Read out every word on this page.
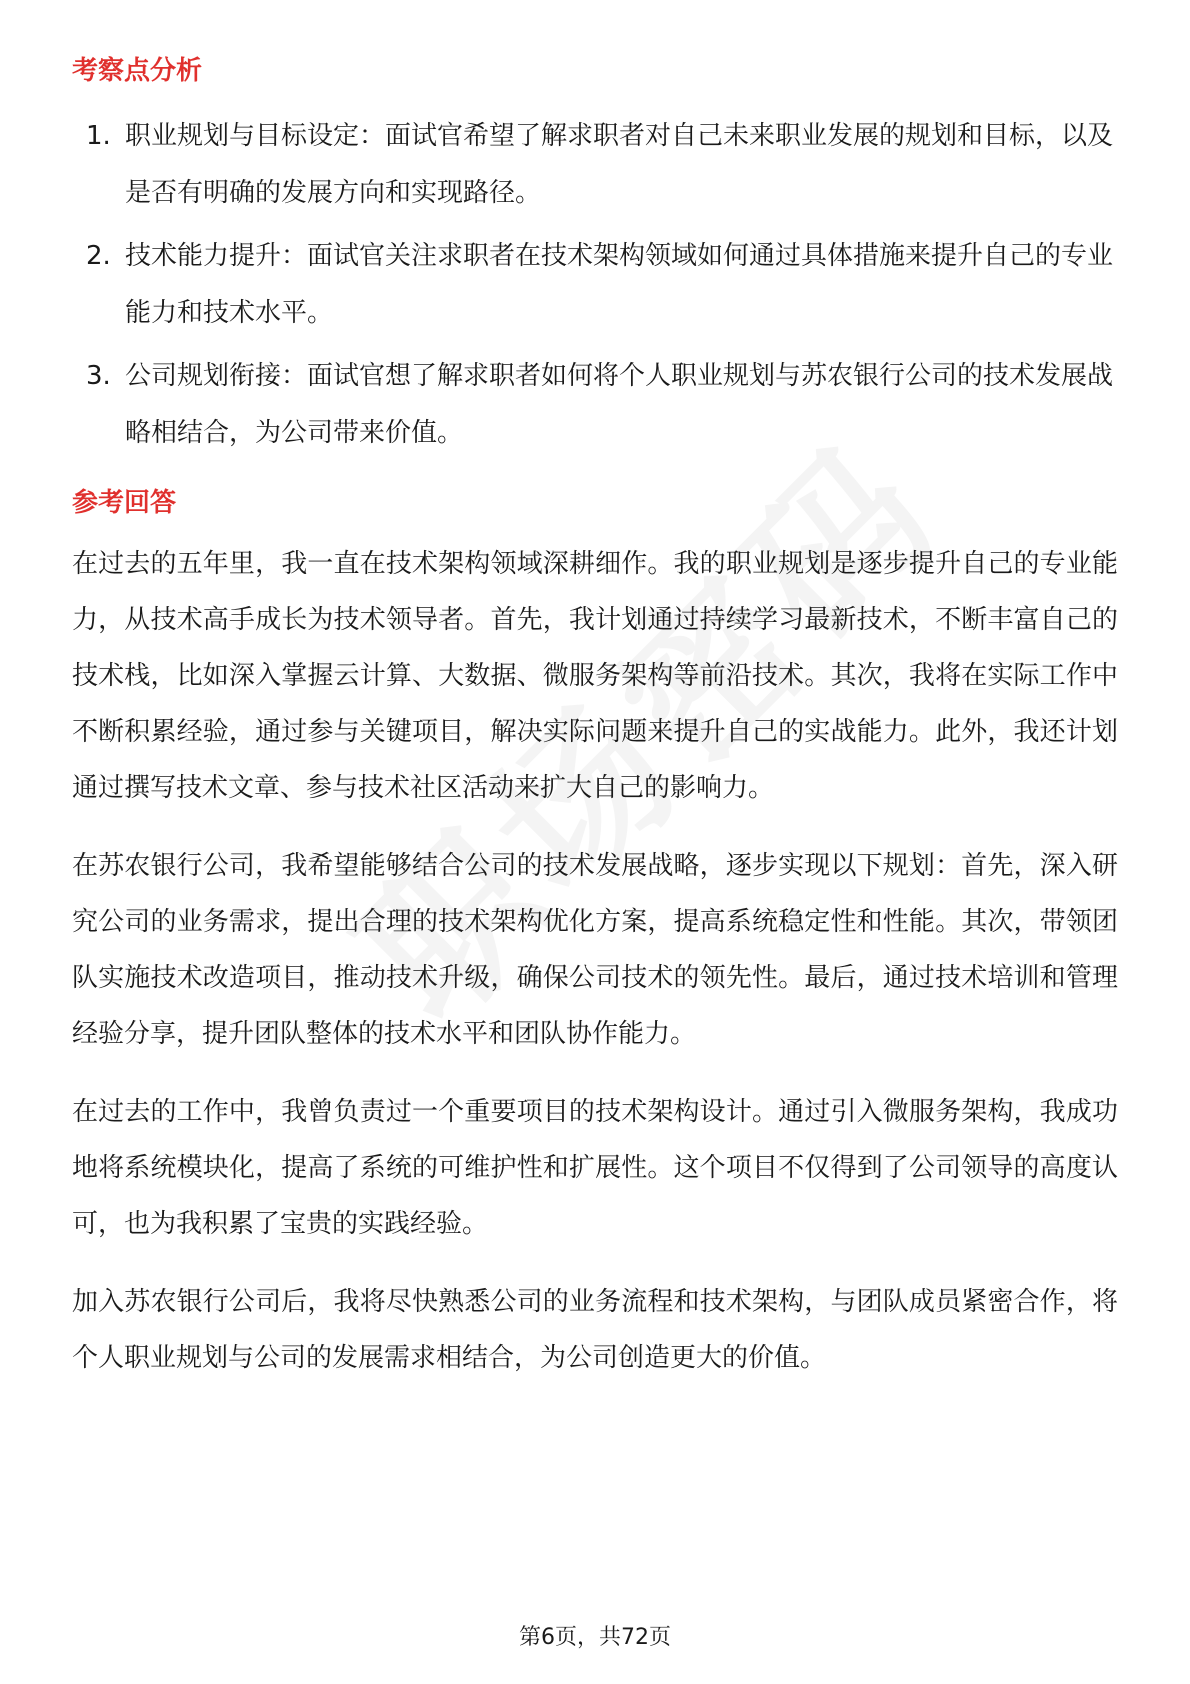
考察点分析
1. 职业规划与目标设定：面试官希望了解求职者对自己未来职业发展的规划和目标，以及是否有明确的发展方向和实现路径。
2. 技术能力提升：面试官关注求职者在技术架构领域如何通过具体措施来提升自己的专业能力和技术水平。
3. 公司规划衔接：面试官想了解求职者如何将个人职业规划与苏农银行公司的技术发展战略相结合，为公司带来价值。
参考回答

在过去的五年里，我一直在技术架构领域深耕细作。我的职业规划是逐步提升自己的专业能力，从技术高手成长为技术领导者。首先，我计划通过持续学习最新技术，不断丰富自己的技术栈，比如深入掌握云计算、大数据、微服务架构等前沿技术。其次，我将在实际工作中不断积累经验，通过参与关键项目，解决实际问题来提升自己的实战能力。此外，我还计划通过撰写技术文章、参与技术社区活动来扩大自己的影响力。

在苏农银行公司，我希望能够结合公司的技术发展战略，逐步实现以下规划：首先，深入研究公司的业务需求，提出合理的技术架构优化方案，提高系统稳定性和性能。其次，带领团队实施技术改造项目，推动技术升级，确保公司技术的领先性。最后，通过技术培训和管理经验分享，提升团队整体的技术水平和团队协作能力。

在过去的工作中，我曾负责过一个重要项目的技术架构设计。通过引入微服务架构，我成功地将系统模块化，提高了系统的可维护性和扩展性。这个项目不仅得到了公司领导的高度认可，也为我积累了宝贵的实践经验。

加入苏农银行公司后，我将尽快熟悉公司的业务流程和技术架构，与团队成员紧密合作，将个人职业规划与公司的发展需求相结合，为公司创造更大的价值。

第6页，共72页
